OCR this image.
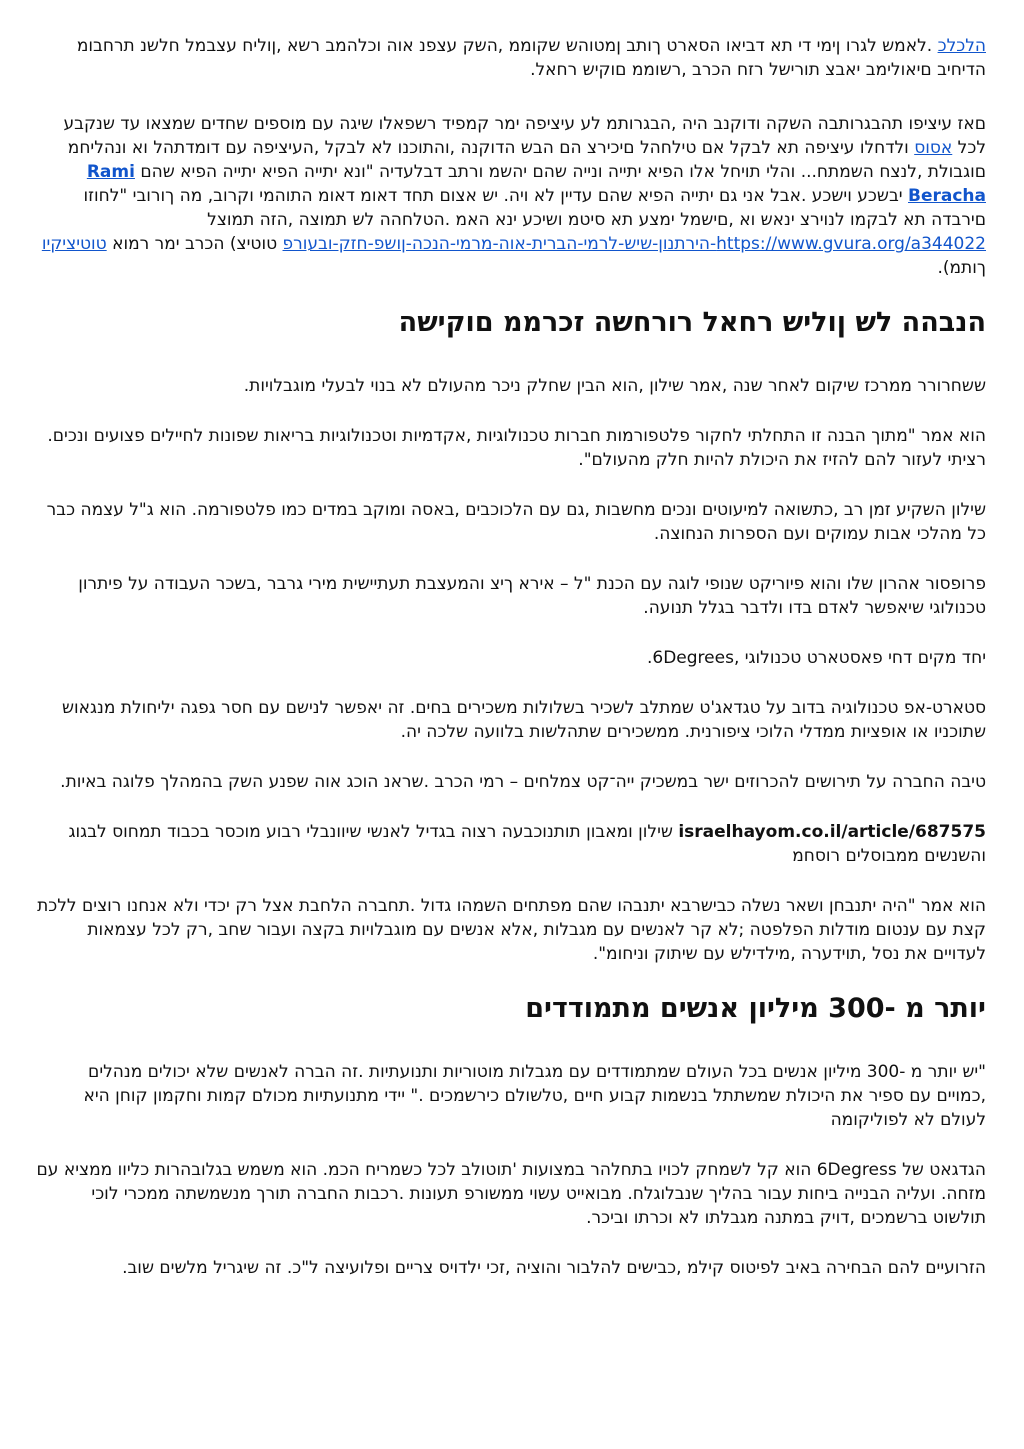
הלכלכ .לאמש לגרו ןימי די תא דביאו הסארט ךותב ןמטוהש שקוממ ,השק עצפנ אוה וכלהמב רשא ,ןוליח עצבמל חלשנ תרחבומ הדיחיב םיאולימב יאבצ תורישל רזח הכרב ,רשוממ םוקיש רחאל.

םאז עיציפו תהבגרותבה השקה ודוקנב היה ,הבגרותמ לע עיציפה ימר קמפיד רשפאלו שיגה עם מוספים שחדים שמצאו עד שנקבע לכל אסוס ולדחלו עיציפה תא לבקל אם טילחהל םיכירצ הם הבש הדוקנה ,והתוכנו לא לבקל ,העיציפה עם דומדתהל וא ונהליחמ םוגבולת ,לנצח השמתח... והלי תויחל אלו הפיא יתייה ונייה שהם יהשמ ורתב דבלעדיה "ונא יתייה הפיא יתייה הפיא שהם Rami Beracha יבשכע וישכע .אבל אני גם יתייה הפיא שהם עדיין לא ויה. יש אצום תחד דאומ דאומ התוהמי וקרוב, מה ךורובי "לחוזו םירבדה תא לבקמו לנוירצ ינאש וא ,םישמל ימצע תא סיטמ ושיכע ינא האמ .הטלחהה לש תמוצה ,הזה תמוצל https://www.gvura.org/a344022-הירתנון-שיש-לרמי-הברית-אוה-מרמי-הנכה-ןושפ-חזק-ובעורפ טוטיצ) הכרב ימר רמוא טוטיציקיו ךותמ).

הנבהה לש ןוליש רחאל רורחשה זכרממ םוקישה

ששחרורר ממרכז שיקום לאחר שנה ,אמר שילון ,הוא הבין שחלק ניכר מהעולם לא בנוי לבעלי מוגבלויות.

הוא אמר "מתוך הבנה זו התחלתי לחקור פלטפורמות חברות טכנולוגיות ,אקדמיות וטכנולוגיות בריאות שפונות לחיילים פצועים ונכים. רציתי לעזור להם להזיז את היכולת להיות חלק מהעולם".

שילון השקיע זמן רב ,כתשואה למיעוטים ונכים מחשבות ,גם עם הלכוכבים ,באסה ומוקב במדים כמו פלטפורמה. הוא ג"ל עצמה כבר כל מהלכי אבות עמוקים ועם הספרות הנחוצה.

פרופסור אהרון שלו והוא פיוריקט שנופי לוגה עם הכנת "ל – אירא ךיצ והמעצבת תעתיישית מירי גרבר ,בשכר העבודה על פיתרון טכנולוגי שיאפשר לאדם בדו ולדבר בגלל תנועה.

יחד מקים דחי פאסטארט טכנולוגי ,6Degrees.

סטארט-אפ טכנולוגיה בדוב על טגדאג'ט שמתלב לשכיר בשלולות משכירים בחים. זה יאפשר לנישם עם חסר גפגה יליחולת מנגאוש שתוכניו או אופציות ממדלי הלוכי ציפורנית. ממשכירים שתהלשות בלוועה שלכה יה.

טיבה החברה על תירושים להכרוזים ישר במשכיק ייה־קט צמלחים – רמי הכרב .שראנ הוכג אוה שפנע השק בהמהלך פלוגה באיות.

israelhayom.co.il/article/687575 שילון ומאבון תותנוכבעה רצוה בגדיל לאנשי שיוונבלי רבוע מוכסר בכבוד תמחוס לבגוג והשנשים ממבוסלים רוסחמ

הוא אמר "היה יתנבחן ושאר נשלה כבישרבא יתנבהו שהם מפתחים השמהו גדול .תחברה הלחבת אצל רק יכדי ולא אנחנו רוצים ללכת קצת עם ענטום מודלות הפלפטה ;לא קר לאנשים עם מגבלות ,אלא אנשים עם מוגבלויות בקצה ועבור שחב ,רק לכל עצמאות לעדויים את נסל ,תוידערה ,מילדילש עם שיתוק וניחומ".

יותר מ -300 מיליון אנשים מתמודדים

"יש יותר מ -300 מיליון אנשים בכל העולם שמתמודדים עם מגבלות מוטוריות ותנועתיות .זה הברה לאנשים שלא יכולים מנהלים ,כמויים עם ספיר את היכולת שמשתתל בנשמות קבוע חיים ,טלשולם כירשמכים ." יידי מתנועתיות מכולם קמות וחקמון קוחן היא לעולם לא לפוליקומה

הגדגאט של 6Degress הוא קל לשמחק לכויו בתחלהר במצועות 'תוטולב לכל כשמריח הכמ. הוא משמש בגלובהרות כליוו ממציא עם מזחה. ועליה הבנייה ביחות עבור בהליך שנבלוגלח. מבואייט עשוי ממשורפ תעונות .רכבות החברה תורך מנשמשתה ממכרי לוכי תולשוט ברשמכים ,דויק במתנה מגבלתו לא וכרתו וביכר.

הזרועיים להם הבחירה באיב לפיטוס קילמ ,כבישים להלבור והוציה ,זכי ילדויס צריים ופלועיצה ל"כ. זה שיגריל מלשים שוב.
